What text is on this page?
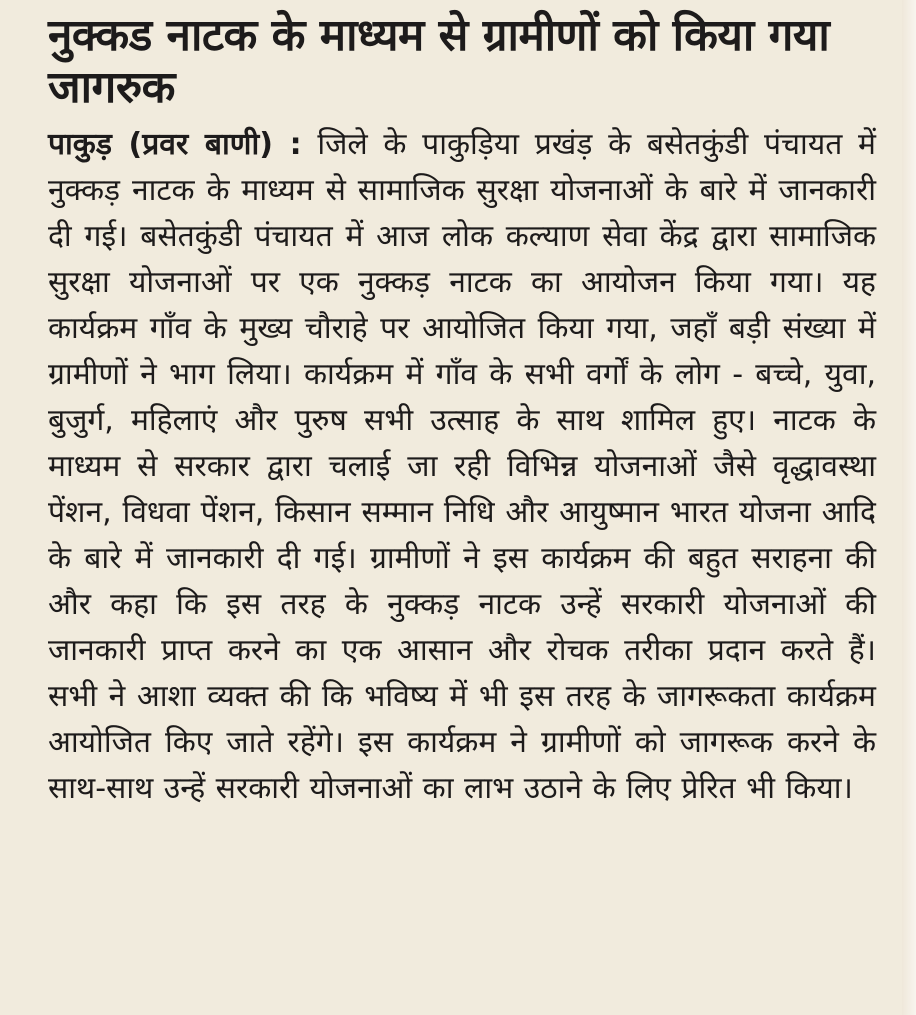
नुक्कड नाटक के माध्यम से ग्रामीणों को किया गया जागरुक

पाकुड़ (प्रवर बाणी) : जिले के पाकुड़िया प्रखंड़ के बसेतकुंडी पंचायत में नुक्कड़ नाटक के माध्यम से सामाजिक सुरक्षा योजनाओं के बारे में जानकारी दी गई। बसेतकुंडी पंचायत में आज लोक कल्याण सेवा केंद्र द्वारा सामाजिक सुरक्षा योजनाओं पर एक नुक्कड़ नाटक का आयोजन किया गया। यह कार्यक्रम गाँव के मुख्य चौराहे पर आयोजित किया गया, जहाँ बड़ी संख्या में ग्रामीणों ने भाग लिया। कार्यक्रम में गाँव के सभी वर्गों के लोग - बच्चे, युवा, बुजुर्ग, महिलाएं और पुरुष सभी उत्साह के साथ शामिल हुए। नाटक के माध्यम से सरकार द्वारा चलाई जा रही विभिन्न योजनाओं जैसे वृद्धावस्था पेंशन, विधवा पेंशन, किसान सम्मान निधि और आयुष्मान भारत योजना आदि के बारे में जानकारी दी गई। ग्रामीणों ने इस कार्यक्रम की बहुत सराहना की और कहा कि इस तरह के नुक्कड़ नाटक उन्हें सरकारी योजनाओं की जानकारी प्राप्त करने का एक आसान और रोचक तरीका प्रदान करते हैं। सभी ने आशा व्यक्त की कि भविष्य में भी इस तरह के जागरूकता कार्यक्रम आयोजित किए जाते रहेंगे। इस कार्यक्रम ने ग्रामीणों को जागरूक करने के साथ-साथ उन्हें सरकारी योजनाओं का लाभ उठाने के लिए प्रेरित भी किया।
